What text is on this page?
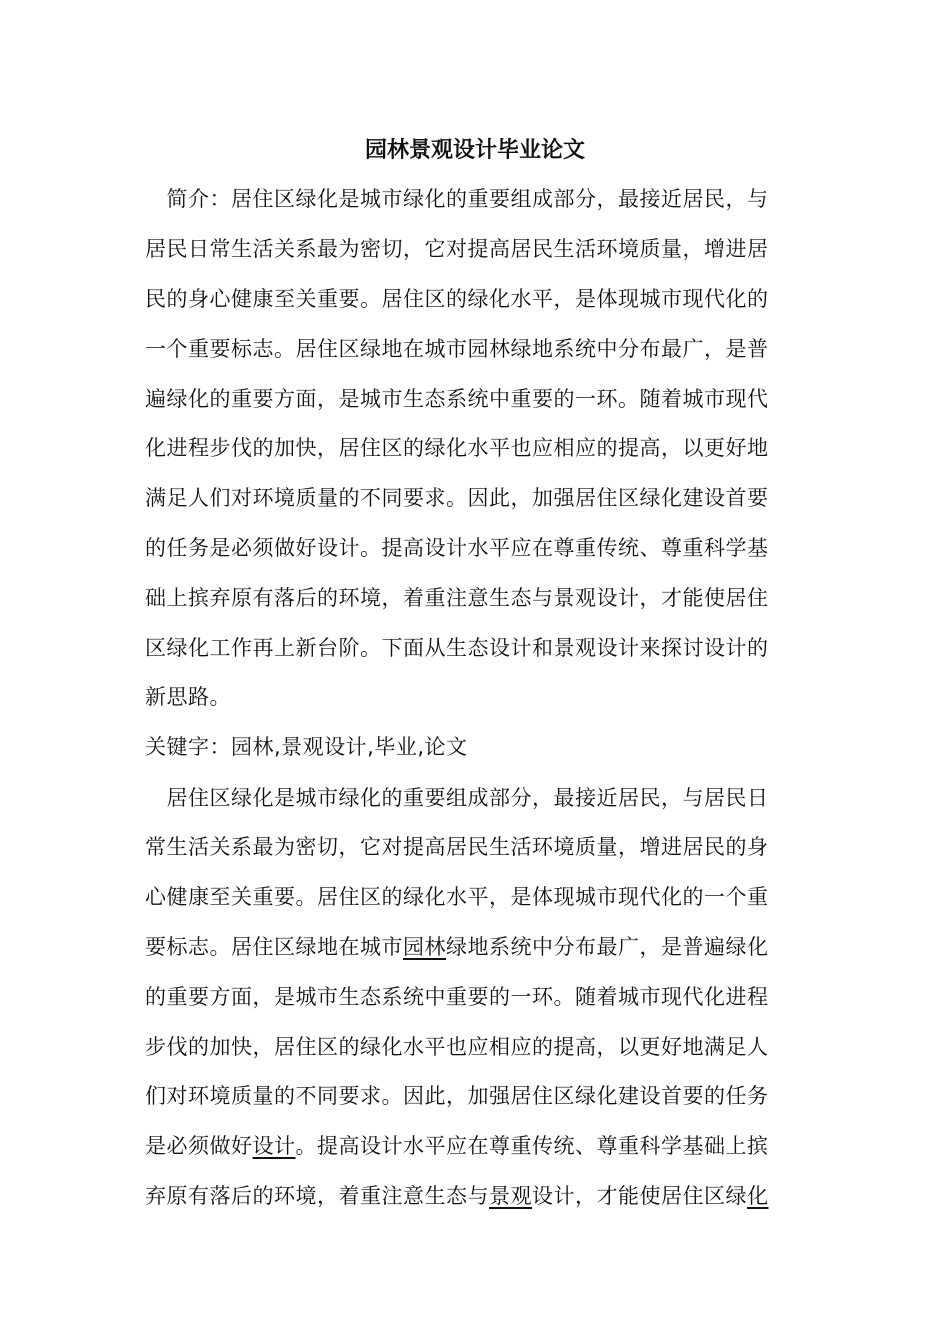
园林景观设计毕业论文
　简介：居住区绿化是城市绿化的重要组成部分，最接近居民，与
居民日常生活关系最为密切，它对提高居民生活环境质量，增进居
民的身心健康至关重要。居住区的绿化水平，是体现城市现代化的
一个重要标志。居住区绿地在城市园林绿地系统中分布最广，是普
遍绿化的重要方面，是城市生态系统中重要的一环。随着城市现代
化进程步伐的加快，居住区的绿化水平也应相应的提高，以更好地
满足人们对环境质量的不同要求。因此，加强居住区绿化建设首要
的任务是必须做好设计。提高设计水平应在尊重传统、尊重科学基
础上摈弃原有落后的环境，着重注意生态与景观设计，才能使居住
区绿化工作再上新台阶。下面从生态设计和景观设计来探讨设计的
新思路。
关键字：园林,景观设计,毕业,论文
　居住区绿化是城市绿化的重要组成部分，最接近居民，与居民日
常生活关系最为密切，它对提高居民生活环境质量，增进居民的身
心健康至关重要。居住区的绿化水平，是体现城市现代化的一个重
要标志。居住区绿地在城市园林绿地系统中分布最广，是普遍绿化
的重要方面，是城市生态系统中重要的一环。随着城市现代化进程
步伐的加快，居住区的绿化水平也应相应的提高，以更好地满足人
们对环境质量的不同要求。因此，加强居住区绿化建设首要的任务
是必须做好设计。提高设计水平应在尊重传统、尊重科学基础上摈
弃原有落后的环境，着重注意生态与景观设计，才能使居住区绿化
